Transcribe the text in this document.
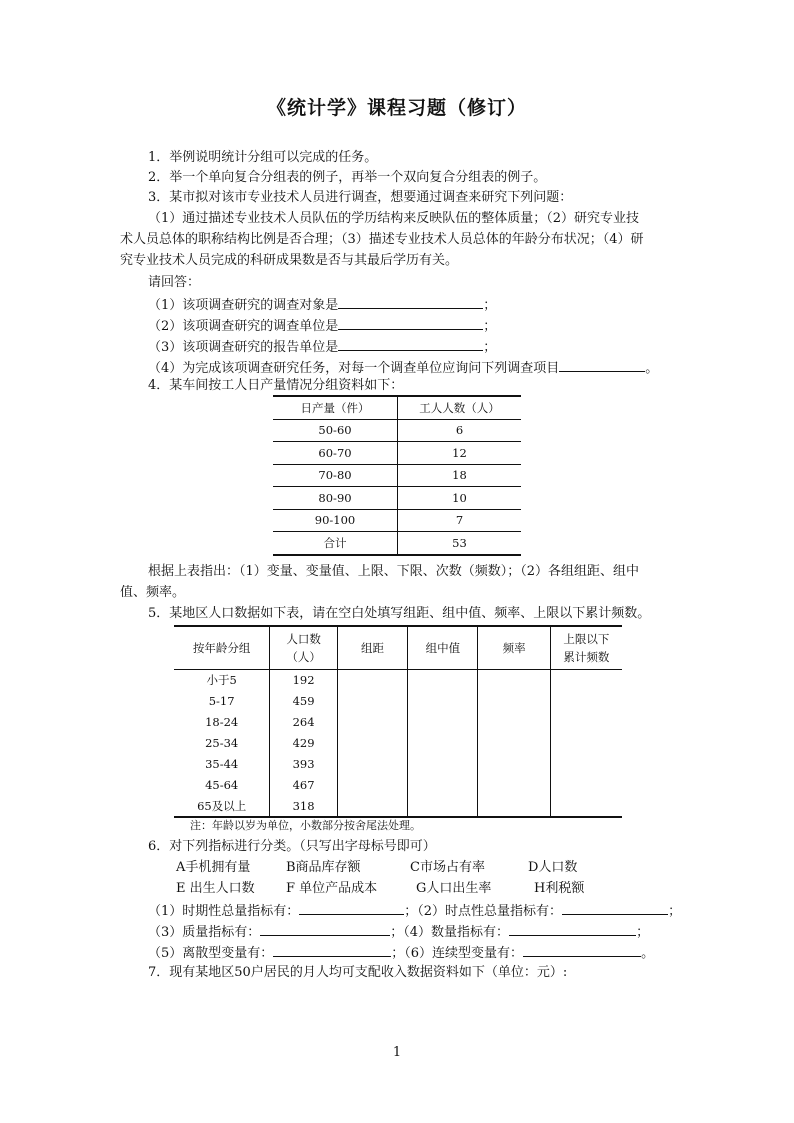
《统计学》课程习题（修订）
1．举例说明统计分组可以完成的任务。
2．举一个单向复合分组表的例子，再举一个双向复合分组表的例子。
3．某市拟对该市专业技术人员进行调查，想要通过调查来研究下列问题：
（1）通过描述专业技术人员队伍的学历结构来反映队伍的整体质量；（2）研究专业技
术人员总体的职称结构比例是否合理；（3）描述专业技术人员总体的年龄分布状况；（4）研
究专业技术人员完成的科研成果数是否与其最后学历有关。
请回答：
（1）该项调查研究的调查对象是	；
（2）该项调查研究的调查单位是	；
（3）该项调查研究的报告单位是	；
（4）为完成该项调查研究任务，对每一个调查单位应询问下列调查项目	。
4．某车间按工人日产量情况分组资料如下：
日产量（件）	工人人数（人）
50-60	6
60-70	12
70-80	18
80-90	10
90-100	7
合计	53
根据上表指出：（1）变量、变量值、上限、下限、次数（频数）；（2）各组组距、组中
值、频率。
5．某地区人口数据如下表，请在空白处填写组距、组中值、频率、上限以下累计频数。
按年龄分组	人口数
（人）	组距	组中值	频率	上限以下
累计频数
小于5	192				
5-17	459				
18-24	264				
25-34	429				
35-44	393				
45-64	467				
65及以上	318				
注：年龄以岁为单位，小数部分按舍尾法处理。
6．对下列指标进行分类。（只写出字母标号即可）
A手机拥有量	B商品库存额	C市场占有率	D人口数
E 出生人口数 F 单位产品成本	G人口出生率	H利税额
（1）时期性总量指标有：	；（2）时点性总量指标有：	；
（3）质量指标有：	；（4）数量指标有：	；
（5）离散型变量有：	；（6）连续型变量有：	。
7．现有某地区50户居民的月人均可支配收入数据资料如下（单位：元）:
1
